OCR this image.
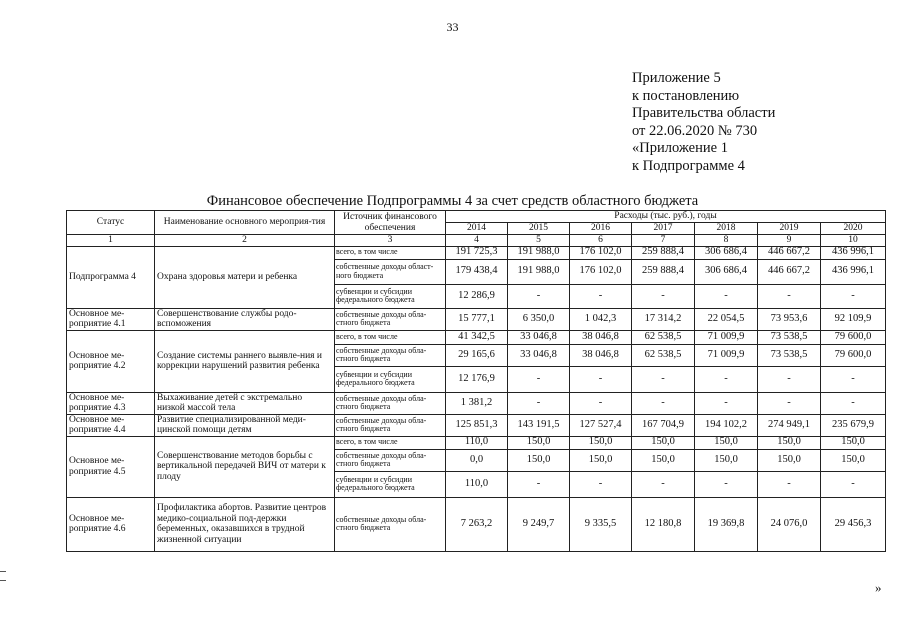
33
Приложение 5
к постановлению
Правительства области
от 22.06.2020 № 730
«Приложение 1
к Подпрограмме 4
Финансовое обеспечение Подпрограммы 4 за счет средств областного бюджета
Статус	Наименование основного мероприя-тия	Источник финансового обеспечения	Расходы (тыс. руб.), годы						
			2014	2015	2016	2017	2018	2019	2020
1	2	3	4	5	6	7	8	9	10
Подпрограмма 4	Охрана здоровья матери и ребенка	всего, в том числе	191 725,3	191 988,0	176 102,0	259 888,4	306 686,4	446 667,2	436 996,1
		собственные доходы област-ного бюджета	179 438,4	191 988,0	176 102,0	259 888,4	306 686,4	446 667,2	436 996,1
		субвенции и субсидии федерального бюджета	12 286,9	-	-	-	-	-	-
Основное ме-роприятие 4.1	Совершенствование службы родо-вспоможения	собственные доходы обла-стного бюджета	15 777,1	6 350,0	1 042,3	17 314,2	22 054,5	73 953,6	92 109,9
Основное ме-роприятие 4.2	Создание системы раннего выявле-ния и коррекции нарушений развития ребенка	всего, в том числе	41 342,5	33 046,8	38 046,8	62 538,5	71 009,9	73 538,5	79 600,0
		собственные доходы обла-стного бюджета	29 165,6	33 046,8	38 046,8	62 538,5	71 009,9	73 538,5	79 600,0
		субвенции и субсидии федерального бюджета	12 176,9	-	-	-	-	-	-
Основное ме-роприятие 4.3	Выхаживание детей с экстремально низкой массой тела	собственные доходы обла-стного бюджета	1 381,2	-	-	-	-	-	-
Основное ме-роприятие 4.4	Развитие специализированной меди-цинской помощи детям	собственные доходы обла-стного бюджета	125 851,3	143 191,5	127 527,4	167 704,9	194 102,2	274 949,1	235 679,9
Основное ме-роприятие 4.5	Совершенствование методов борьбы с вертикальной передачей ВИЧ от матери к плоду	всего, в том числе	110,0	150,0	150,0	150,0	150,0	150,0	150,0
		собственные доходы обла-стного бюджета	0,0	150,0	150,0	150,0	150,0	150,0	150,0
		субвенции и субсидии федерального бюджета	110,0	-	-	-	-	-	-
Основное ме-роприятие 4.6	Профилактика абортов. Развитие центров медико-социальной под-держки беременных, оказавшихся в трудной жизненной ситуации	собственные доходы обла-стного бюджета	7 263,2	9 249,7	9 335,5	12 180,8	19 369,8	24 076,0	29 456,3
»
